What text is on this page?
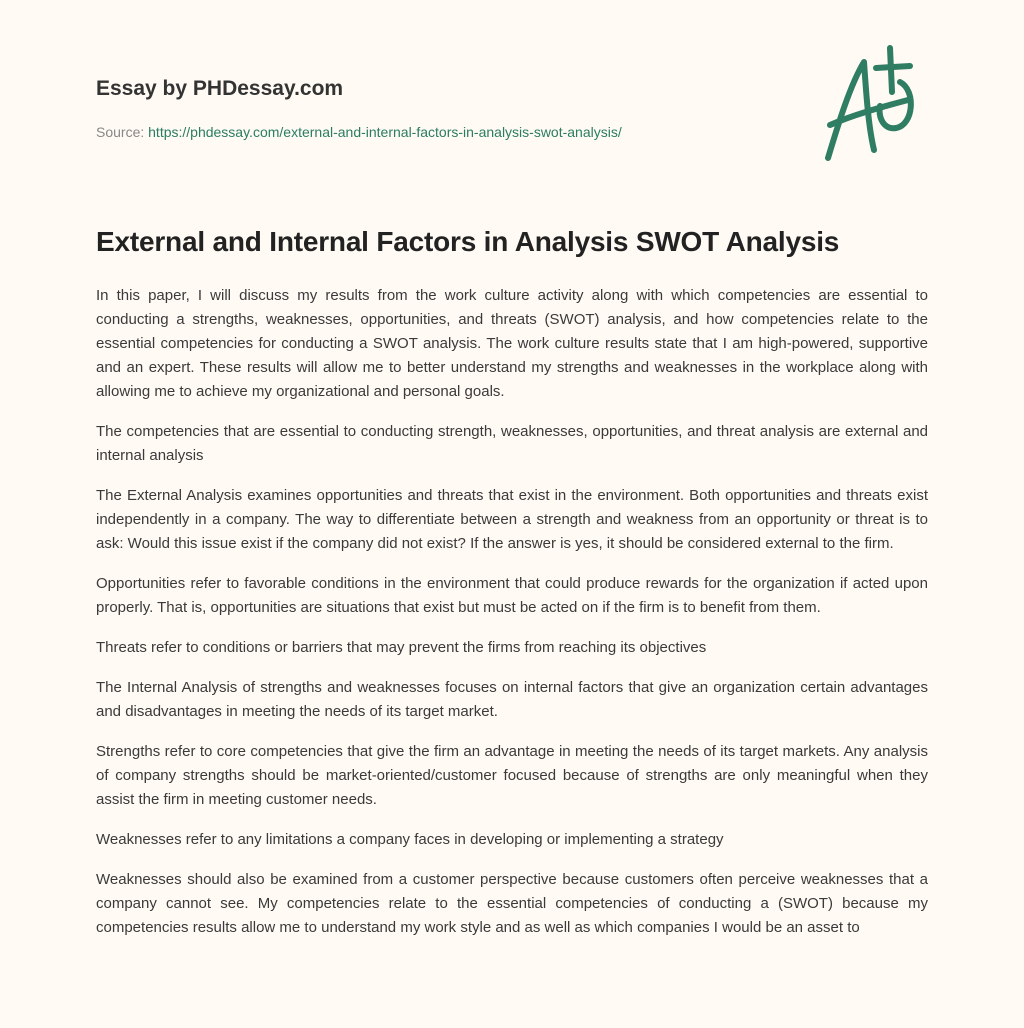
Essay by PHDessay.com
Source: https://phdessay.com/external-and-internal-factors-in-analysis-swot-analysis/
External and Internal Factors in Analysis SWOT Analysis

In this paper, I will discuss my results from the work culture activity along with which competencies are essential to conducting a strengths, weaknesses, opportunities, and threats (SWOT) analysis, and how competencies relate to the essential competencies for conducting a SWOT analysis. The work culture results state that I am high-powered, supportive and an expert. These results will allow me to better understand my strengths and weaknesses in the workplace along with allowing me to achieve my organizational and personal goals.

The competencies that are essential to conducting strength, weaknesses, opportunities, and threat analysis are external and internal analysis

The External Analysis examines opportunities and threats that exist in the environment. Both opportunities and threats exist independently in a company. The way to differentiate between a strength and weakness from an opportunity or threat is to ask: Would this issue exist if the company did not exist? If the answer is yes, it should be considered external to the firm.

Opportunities refer to favorable conditions in the environment that could produce rewards for the organization if acted upon properly. That is, opportunities are situations that exist but must be acted on if the firm is to benefit from them.

Threats refer to conditions or barriers that may prevent the firms from reaching its objectives

The Internal Analysis of strengths and weaknesses focuses on internal factors that give an organization certain advantages and disadvantages in meeting the needs of its target market.

Strengths refer to core competencies that give the firm an advantage in meeting the needs of its target markets. Any analysis of company strengths should be market-oriented/customer focused because of strengths are only meaningful when they assist the firm in meeting customer needs.

Weaknesses refer to any limitations a company faces in developing or implementing a strategy

Weaknesses should also be examined from a customer perspective because customers often perceive weaknesses that a company cannot see. My competencies relate to the essential competencies of conducting a (SWOT) because my competencies results allow me to understand my work style and as well as which companies I would be an asset to
